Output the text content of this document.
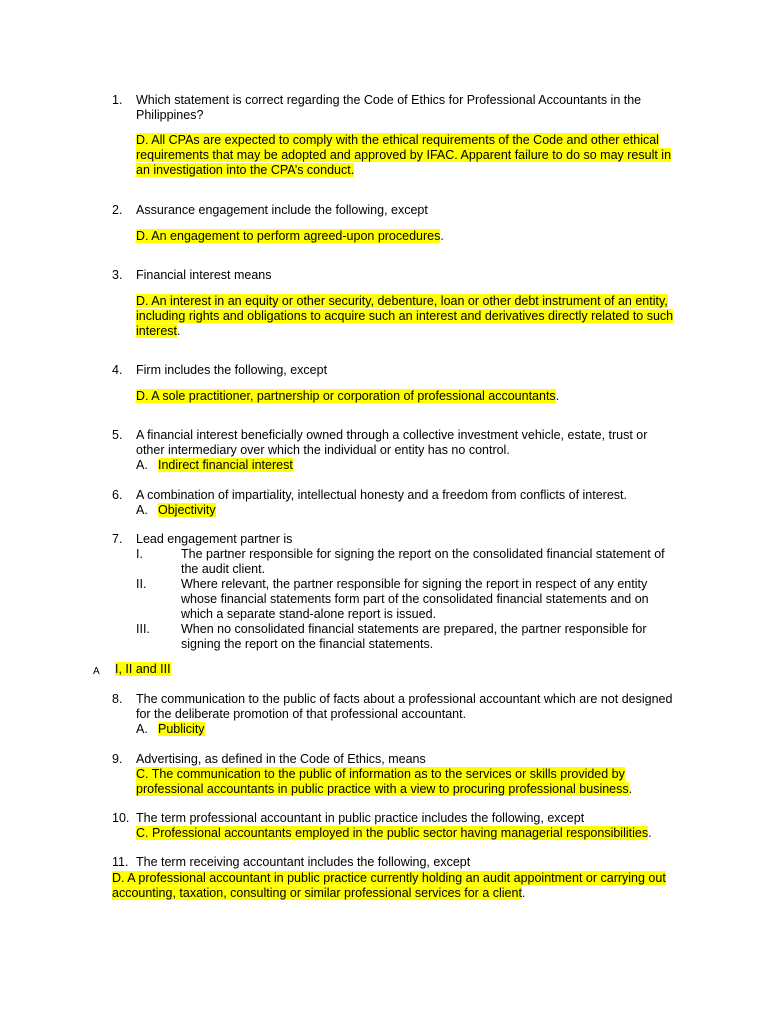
1.	Which statement is correct regarding the Code of Ethics for Professional Accountants in the Philippines?
D. All CPAs are expected to comply with the ethical requirements of the Code and other ethical requirements that may be adopted and approved by IFAC. Apparent failure to do so may result in an investigation into the CPA’s conduct.
2.	Assurance engagement include the following, except
D. An engagement to perform agreed-upon procedures.
3.	Financial interest means
D. An interest in an equity or other security, debenture, loan or other debt instrument of an entity, including rights and obligations to acquire such an interest and derivatives directly related to such interest.
4.	Firm includes the following, except
D. A sole practitioner, partnership or corporation of professional accountants.
5.	A financial interest beneficially owned through a collective investment vehicle, estate, trust or other intermediary over which the individual or entity has no control.
A. Indirect financial interest
6.	A combination of impartiality, intellectual honesty and a freedom from conflicts of interest.
A. Objectivity
7.	Lead engagement partner is
I.	The partner responsible for signing the report on the consolidated financial statement of the audit client.
II.	Where relevant, the partner responsible for signing the report in respect of any entity whose financial statements form part of the consolidated financial statements and on which a separate stand-alone report is issued.
III. When no consolidated financial statements are prepared, the partner responsible for signing the report on the financial statements.
A I, II and III
8.	The communication to the public of facts about a professional accountant which are not designed for the deliberate promotion of that professional accountant.
A. Publicity
9.	Advertising, as defined in the Code of Ethics, means
C. The communication to the public of information as to the services or skills provided by professional accountants in public practice with a view to procuring professional business.
10. The term professional accountant in public practice includes the following, except
C. Professional accountants employed in the public sector having managerial responsibilities.
11. The term receiving accountant includes the following, except
D. A professional accountant in public practice currently holding an audit appointment or carrying out accounting, taxation, consulting or similar professional services for a client.
